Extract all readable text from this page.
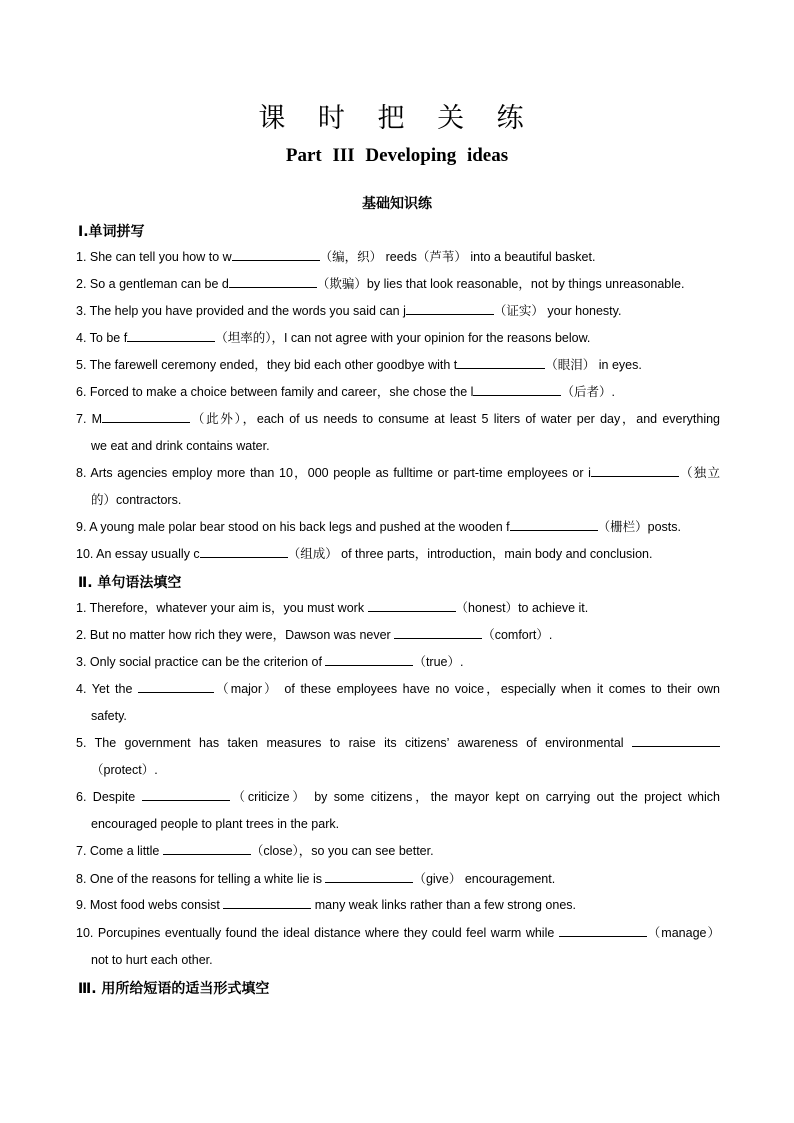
课 时 把 关 练
Part III Developing ideas
基础知识练
Ⅰ.单词拼写
1. She can tell you how to w	（编，织） reeds（芦苇） into a beautiful basket.
2. So a gentleman can be d	（欺骗）by lies that look reasonable，not by things unreasonable.
3. The help you have provided and the words you said can j	（证实） your honesty.
4. To be f	（坦率的），I can not agree with your opinion for the reasons below.
5. The farewell ceremony ended，they bid each other goodbye with t	（眼泪） in eyes.
6. Forced to make a choice between family and career，she chose the l	（后者）.
7. M	（此外），each of us needs to consume at least 5 liters of water per day，and everything
we eat and drink contains water.
8. Arts agencies employ more than 10，000 people as fulltime or part-time employees or i	（独立
的）contractors.
9. A young male polar bear stood on his back legs and pushed at the wooden f	（栅栏）posts.
10. An essay usually c	（组成） of three parts，introduction，main body and conclusion.
Ⅱ. 单句语法填空
1. Therefore，whatever your aim is，you must work	（honest）to achieve it.
2. But no matter how rich they were，Dawson was never	（comfort）.
3. Only social practice can be the criterion of	（true）.
4. Yet the	（major） of these employees have no voice，especially when it comes to their own
safety.
5. The government has taken measures to raise its citizens’ awareness of environmental
（protect）.
6. Despite	（criticize） by some citizens，the mayor kept on carrying out the project which
encouraged people to plant trees in the park.
7. Come a little	（close），so you can see better.
8. One of the reasons for telling a white lie is	（give） encouragement.
9. Most food webs consist	many weak links rather than a few strong ones.
10. Porcupines eventually found the ideal distance where they could feel warm while	（manage）
not to hurt each other.
Ⅲ. 用所给短语的适当形式填空
